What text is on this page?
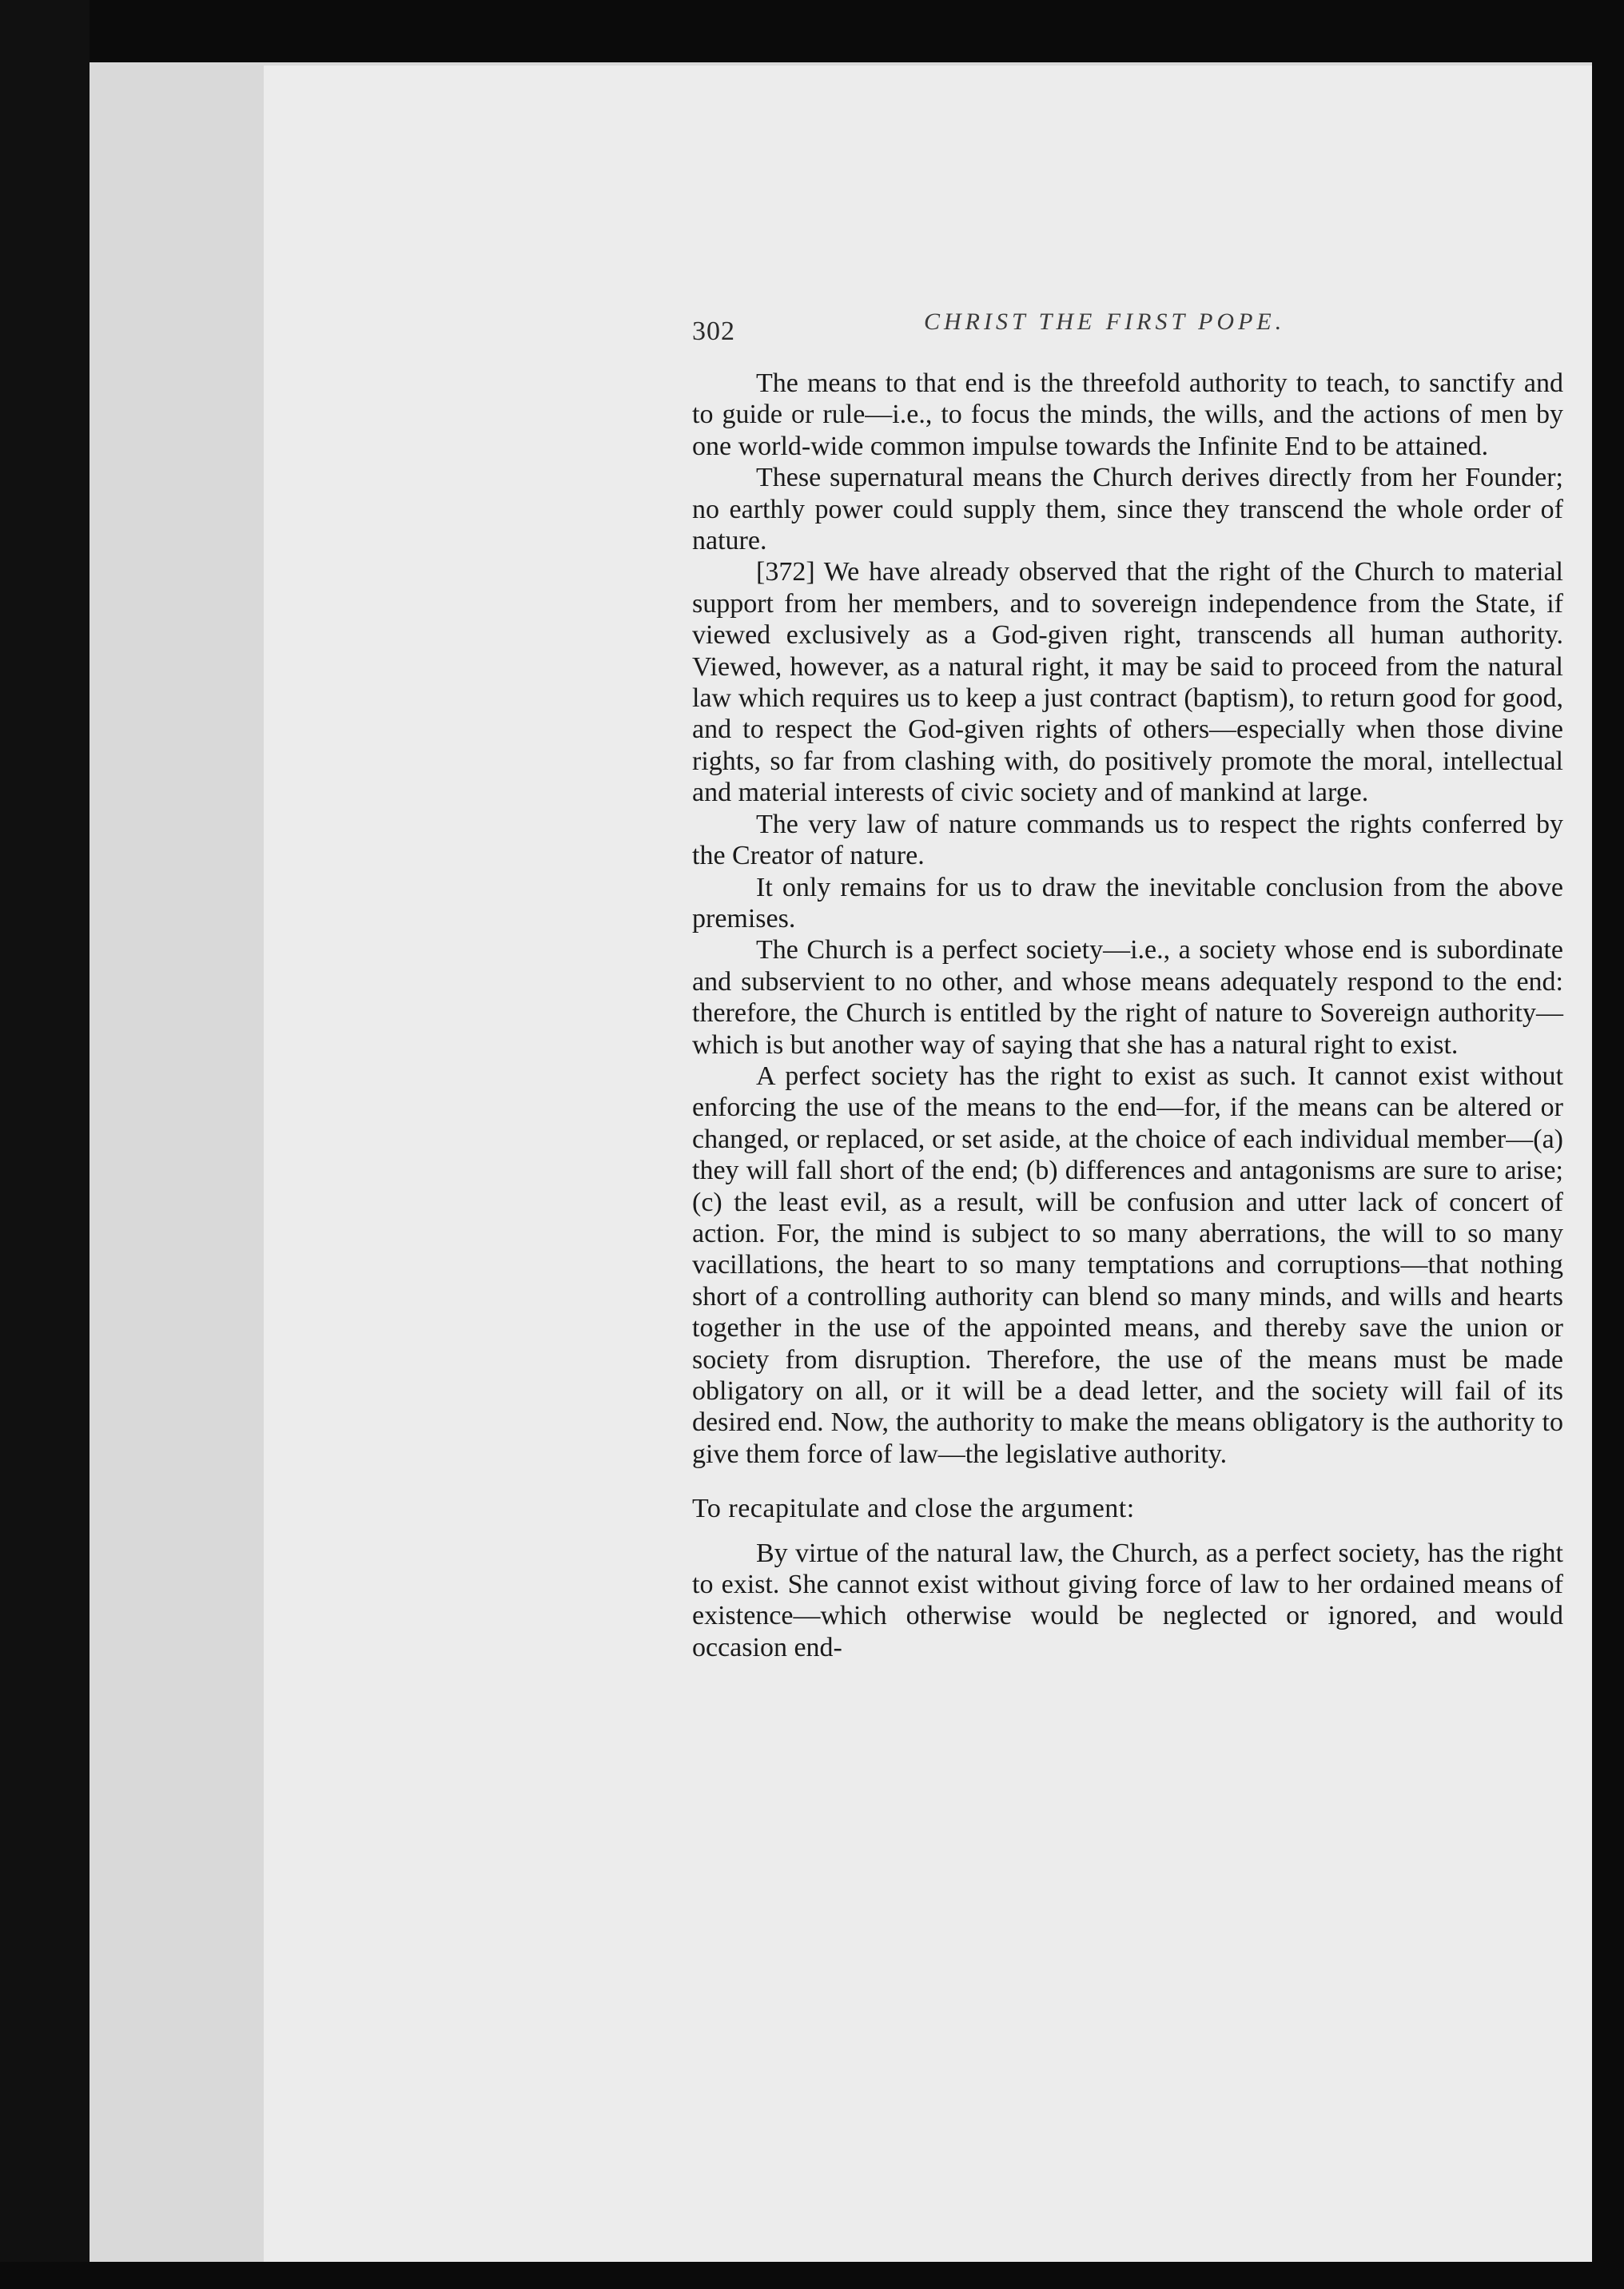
302	CHRIST THE FIRST POPE.

The means to that end is the threefold authority to teach, to sanctify and to guide or rule—i.e., to focus the minds, the wills, and the actions of men by one world-wide common impulse towards the Infinite End to be attained.

These supernatural means the Church derives directly from her Founder; no earthly power could supply them, since they transcend the whole order of nature.

[372] We have already observed that the right of the Church to material support from her members, and to sovereign independence from the State, if viewed exclusively as a God-given right, transcends all human authority. Viewed, however, as a natural right, it may be said to proceed from the natural law which requires us to keep a just contract (baptism), to return good for good, and to respect the God-given rights of others—especially when those divine rights, so far from clashing with, do positively promote the moral, intellectual and material interests of civic society and of mankind at large.

The very law of nature commands us to respect the rights conferred by the Creator of nature.

It only remains for us to draw the inevitable conclusion from the above premises.

The Church is a perfect society—i.e., a society whose end is subordinate and subservient to no other, and whose means adequately respond to the end: therefore, the Church is entitled by the right of nature to Sovereign authority—which is but another way of saying that she has a natural right to exist.

A perfect society has the right to exist as such. It cannot exist without enforcing the use of the means to the end—for, if the means can be altered or changed, or replaced, or set aside, at the choice of each individual member—(a) they will fall short of the end; (b) differences and antagonisms are sure to arise; (c) the least evil, as a result, will be confusion and utter lack of concert of action. For, the mind is subject to so many aberrations, the will to so many vacillations, the heart to so many temptations and corruptions—that nothing short of a controlling authority can blend so many minds, and wills and hearts together in the use of the appointed means, and thereby save the union or society from disruption. Therefore, the use of the means must be made obligatory on all, or it will be a dead letter, and the society will fail of its desired end. Now, the authority to make the means obligatory is the authority to give them force of law—the legislative authority.

To recapitulate and close the argument:

By virtue of the natural law, the Church, as a perfect society, has the right to exist. She cannot exist without giving force of law to her ordained means of existence—which otherwise would be neglected or ignored, and would occasion end-
